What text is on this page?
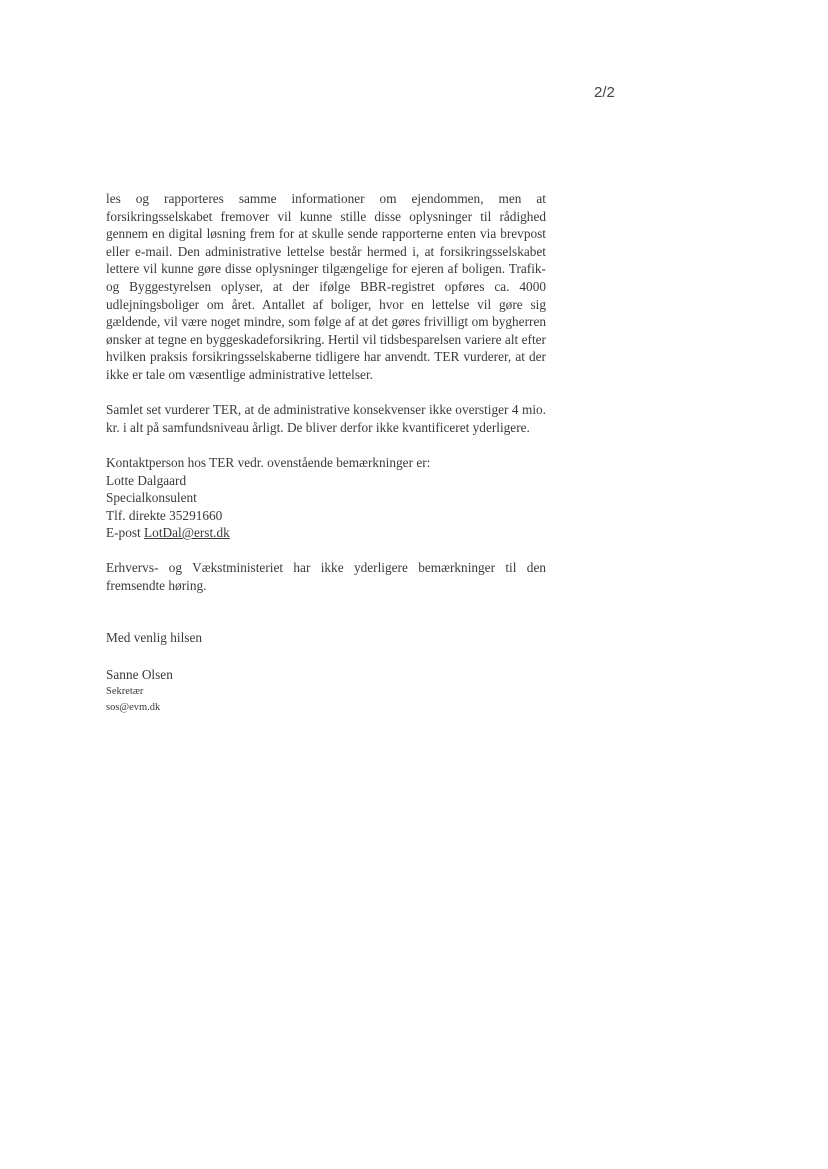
2/2

les og rapporteres samme informationer om ejendommen, men at forsikringsselskabet fremover vil kunne stille disse oplysninger til rådighed gennem en digital løsning frem for at skulle sende rapporterne enten via brevpost eller e-mail. Den administrative lettelse består hermed i, at forsikringsselskabet lettere vil kunne gøre disse oplysninger tilgængelige for ejeren af boligen. Trafik- og Byggestyrelsen oplyser, at der ifølge BBR-registret opføres ca. 4000 udlejningsboliger om året. Antallet af boliger, hvor en lettelse vil gøre sig gældende, vil være noget mindre, som følge af at det gøres frivilligt om bygherren ønsker at tegne en byggeskadeforsikring. Hertil vil tidsbesparelsen variere alt efter hvilken praksis forsikringsselskaberne tidligere har anvendt. TER vurderer, at der ikke er tale om væsentlige administrative lettelser.

Samlet set vurderer TER, at de administrative konsekvenser ikke overstiger 4 mio. kr. i alt på samfundsniveau årligt. De bliver derfor ikke kvantificeret yderligere.

Kontaktperson hos TER vedr. ovenstående bemærkninger er:
Lotte Dalgaard
Specialkonsulent
Tlf. direkte 35291660
E-post LotDal@erst.dk

Erhvervs- og Vækstministeriet har ikke yderligere bemærkninger til den fremsendte høring.

Med venlig hilsen
Sanne Olsen
Sekretær
sos@evm.dk
